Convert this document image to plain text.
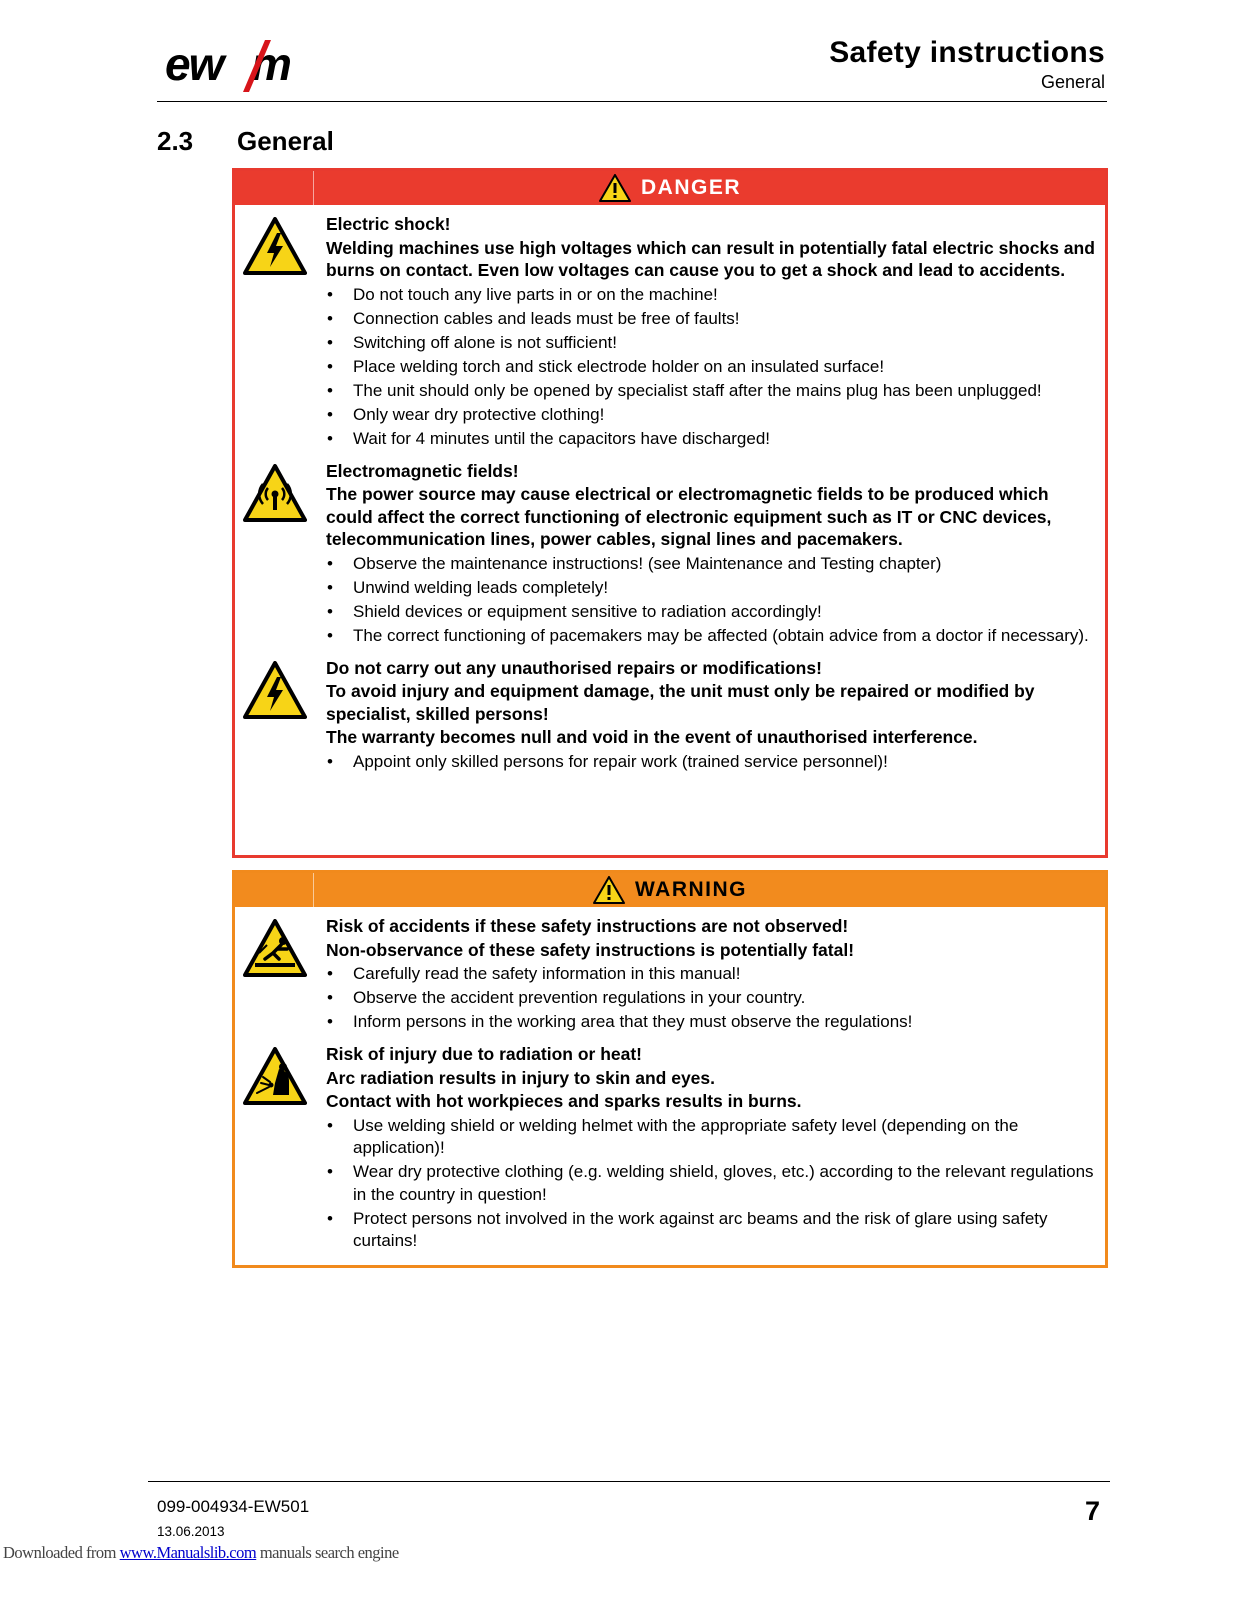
ew m	Safety instructions
General
2.3 General
DANGER
Electric shock!
Welding machines use high voltages which can result in potentially fatal electric shocks and burns on contact. Even low voltages can cause you to get a shock and lead to accidents.
• Do not touch any live parts in or on the machine!
• Connection cables and leads must be free of faults!
• Switching off alone is not sufficient!
• Place welding torch and stick electrode holder on an insulated surface!
• The unit should only be opened by specialist staff after the mains plug has been unplugged!
• Only wear dry protective clothing!
• Wait for 4 minutes until the capacitors have discharged!
Electromagnetic fields!
The power source may cause electrical or electromagnetic fields to be produced which could affect the correct functioning of electronic equipment such as IT or CNC devices, telecommunication lines, power cables, signal lines and pacemakers.
• Observe the maintenance instructions! (see Maintenance and Testing chapter)
• Unwind welding leads completely!
• Shield devices or equipment sensitive to radiation accordingly!
• The correct functioning of pacemakers may be affected (obtain advice from a doctor if necessary).
Do not carry out any unauthorised repairs or modifications!
To avoid injury and equipment damage, the unit must only be repaired or modified by specialist, skilled persons!
The warranty becomes null and void in the event of unauthorised interference.
• Appoint only skilled persons for repair work (trained service personnel)!
WARNING
Risk of accidents if these safety instructions are not observed!
Non-observance of these safety instructions is potentially fatal!
• Carefully read the safety information in this manual!
• Observe the accident prevention regulations in your country.
• Inform persons in the working area that they must observe the regulations!
Risk of injury due to radiation or heat!
Arc radiation results in injury to skin and eyes.
Contact with hot workpieces and sparks results in burns.
• Use welding shield or welding helmet with the appropriate safety level (depending on the application)!
• Wear dry protective clothing (e.g. welding shield, gloves, etc.) according to the relevant regulations in the country in question!
• Protect persons not involved in the work against arc beams and the risk of glare using safety curtains!
099-004934-EW501
13.06.2013
7
Downloaded from www.Manualslib.com manuals search engine
